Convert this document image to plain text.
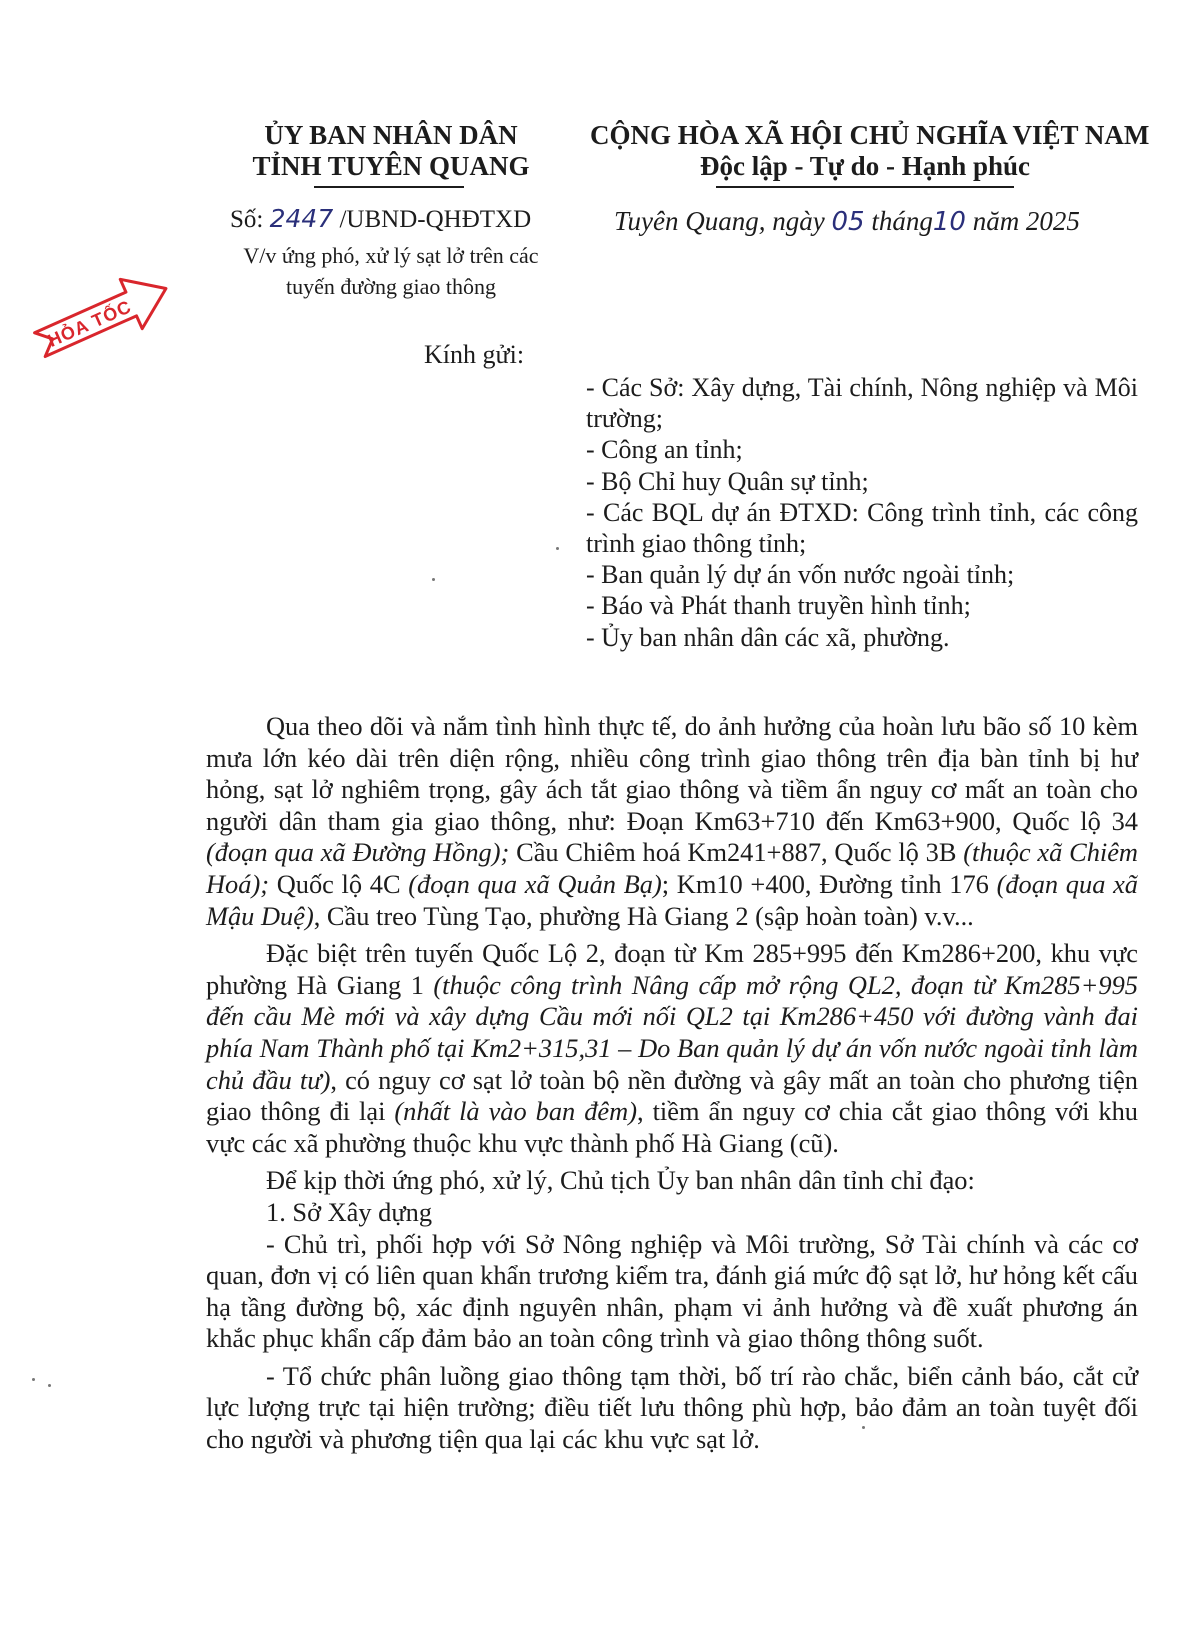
ỦY BAN NHÂN DÂN
TỈNH TUYÊN QUANG
Số: 2447 /UBND-QHĐTXD
V/v ứng phó, xử lý sạt lở trên các
tuyến đường giao thông
CỘNG HÒA XÃ HỘI CHỦ NGHĨA VIỆT NAM
Độc lập - Tự do - Hạnh phúc
Tuyên Quang, ngày 05 tháng10 năm 2025
HỎA TỐC
Kính gửi:
- Các Sở: Xây dựng, Tài chính, Nông nghiệp và Môi trường;
- Công an tỉnh;
- Bộ Chỉ huy Quân sự tỉnh;
- Các BQL dự án ĐTXD: Công trình tỉnh, các công trình giao thông tỉnh;
- Ban quản lý dự án vốn nước ngoài tỉnh;
- Báo và Phát thanh truyền hình tỉnh;
- Ủy ban nhân dân các xã, phường.

Qua theo dõi và nắm tình hình thực tế, do ảnh hưởng của hoàn lưu bão số 10 kèm mưa lớn kéo dài trên diện rộng, nhiều công trình giao thông trên địa bàn tỉnh bị hư hỏng, sạt lở nghiêm trọng, gây ách tắt giao thông và tiềm ẩn nguy cơ mất an toàn cho người dân tham gia giao thông, như: Đoạn Km63+710 đến Km63+900, Quốc lộ 34 (đoạn qua xã Đường Hồng); Cầu Chiêm hoá Km241+887, Quốc lộ 3B (thuộc xã Chiêm Hoá); Quốc lộ 4C (đoạn qua xã Quản Bạ); Km10 +400, Đường tỉnh 176 (đoạn qua xã Mậu Duệ), Cầu treo Tùng Tạo, phường Hà Giang 2 (sập hoàn toàn) v.v...

Đặc biệt trên tuyến Quốc Lộ 2, đoạn từ Km 285+995 đến Km286+200, khu vực phường Hà Giang 1 (thuộc công trình Nâng cấp mở rộng QL2, đoạn từ Km285+995 đến cầu Mè mới và xây dựng Cầu mới nối QL2 tại Km286+450 với đường vành đai phía Nam Thành phố tại Km2+315,31 – Do Ban quản lý dự án vốn nước ngoài tỉnh làm chủ đầu tư), có nguy cơ sạt lở toàn bộ nền đường và gây mất an toàn cho phương tiện giao thông đi lại (nhất là vào ban đêm), tiềm ẩn nguy cơ chia cắt giao thông với khu vực các xã phường thuộc khu vực thành phố Hà Giang (cũ).

Để kịp thời ứng phó, xử lý, Chủ tịch Ủy ban nhân dân tỉnh chỉ đạo:

1. Sở Xây dựng

- Chủ trì, phối hợp với Sở Nông nghiệp và Môi trường, Sở Tài chính và các cơ quan, đơn vị có liên quan khẩn trương kiểm tra, đánh giá mức độ sạt lở, hư hỏng kết cấu hạ tầng đường bộ, xác định nguyên nhân, phạm vi ảnh hưởng và đề xuất phương án khắc phục khẩn cấp đảm bảo an toàn công trình và giao thông thông suốt.

- Tổ chức phân luồng giao thông tạm thời, bố trí rào chắc, biển cảnh báo, cắt cử lực lượng trực tại hiện trường; điều tiết lưu thông phù hợp, bảo đảm an toàn tuyệt đối cho người và phương tiện qua lại các khu vực sạt lở.
